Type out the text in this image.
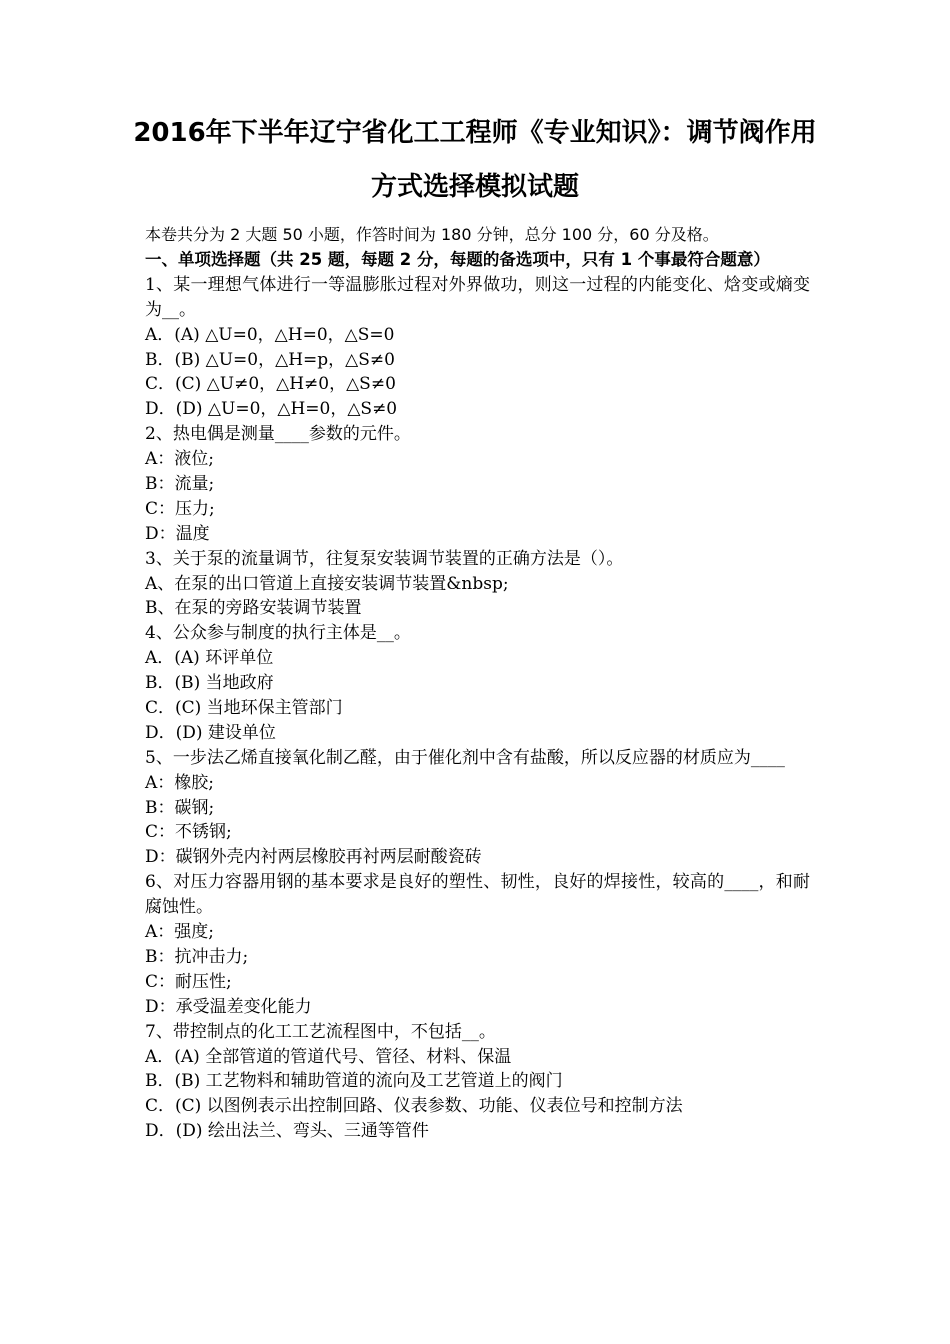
2016年下半年辽宁省化工工程师《专业知识》：调节阀作用
方式选择模拟试题
本卷共分为 2 大题 50 小题，作答时间为 180 分钟，总分 100 分，60 分及格。
一、单项选择题（共 25 题，每题 2 分，每题的备选项中，只有 1 个事最符合题意）
1、某一理想气体进行一等温膨胀过程对外界做功，则这一过程的内能变化、焓变或熵变为__。
A．(A) △U=0，△H=0，△S=0
B．(B) △U=0，△H=p，△S≠0
C．(C) △U≠0，△H≠0，△S≠0
D．(D) △U=0，△H=0，△S≠0
2、热电偶是测量____参数的元件。
A：液位;
B：流量;
C：压力;
D：温度
3、关于泵的流量调节，往复泵安装调节装置的正确方法是（）。
A、在泵的出口管道上直接安装调节装置&nbsp;
B、在泵的旁路安装调节装置
4、公众参与制度的执行主体是__。
A．(A) 环评单位
B．(B) 当地政府
C．(C) 当地环保主管部门
D．(D) 建设单位
5、一步法乙烯直接氧化制乙醛，由于催化剂中含有盐酸，所以反应器的材质应为____
A：橡胶;
B：碳钢;
C：不锈钢;
D：碳钢外壳内衬两层橡胶再衬两层耐酸瓷砖
6、对压力容器用钢的基本要求是良好的塑性、韧性，良好的焊接性，较高的____，和耐腐蚀性。
A：强度;
B：抗冲击力;
C：耐压性;
D：承受温差变化能力
7、带控制点的化工工艺流程图中，不包括__。
A．(A) 全部管道的管道代号、管径、材料、保温
B．(B) 工艺物料和辅助管道的流向及工艺管道上的阀门
C．(C) 以图例表示出控制回路、仪表参数、功能、仪表位号和控制方法
D．(D) 绘出法兰、弯头、三通等管件
